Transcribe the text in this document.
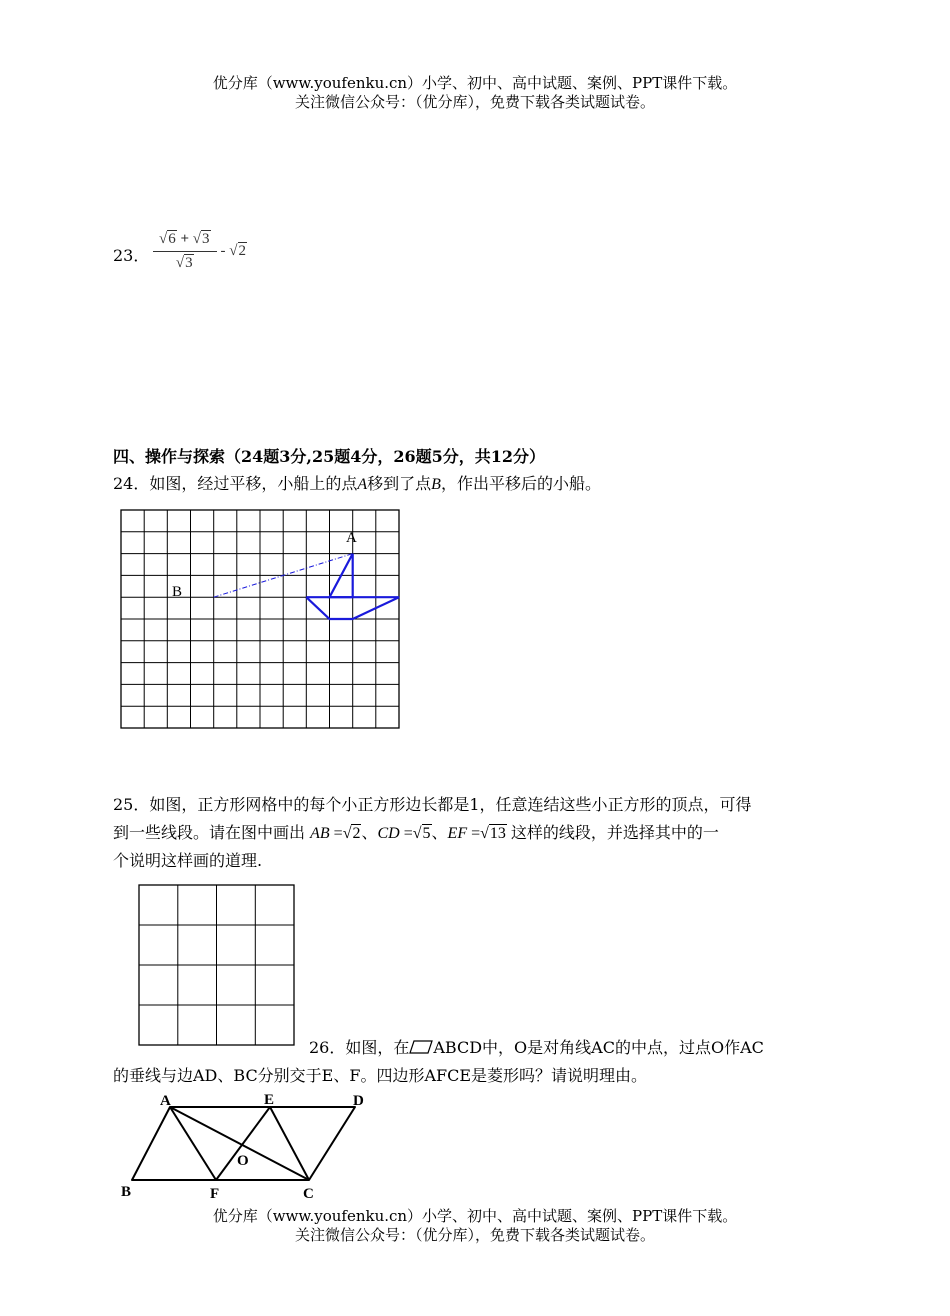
优分库（www.youfenku.cn）小学、初中、高中试题、案例、PPT课件下载。
关注微信公众号：（优分库），免费下载各类试题试卷。
23． $\frac{√6 + √3}{√3} - √2$
四、操作与探索（24题3分,25题4分，26题5分，共12分）
24．如图，经过平移，小船上的点A移到了点B，作出平移后的小船。
A
B
25．如图，正方形网格中的每个小正方形边长都是1，任意连结这些小正方形的顶点，可得
到一些线段。请在图中画出 AB =√2、CD =√5、EF =√13 这样的线段，并选择其中的一
个说明这样画的道理.
26．如图，在 ABCD中，O是对角线AC的中点，过点O作AC
的垂线与边AD、BC分别交于E、F。四边形AFCE是菱形吗？请说明理由。
A	E	D
B	F	C
O
优分库（www.youfenku.cn）小学、初中、高中试题、案例、PPT课件下载。
关注微信公众号：（优分库），免费下载各类试题试卷。
